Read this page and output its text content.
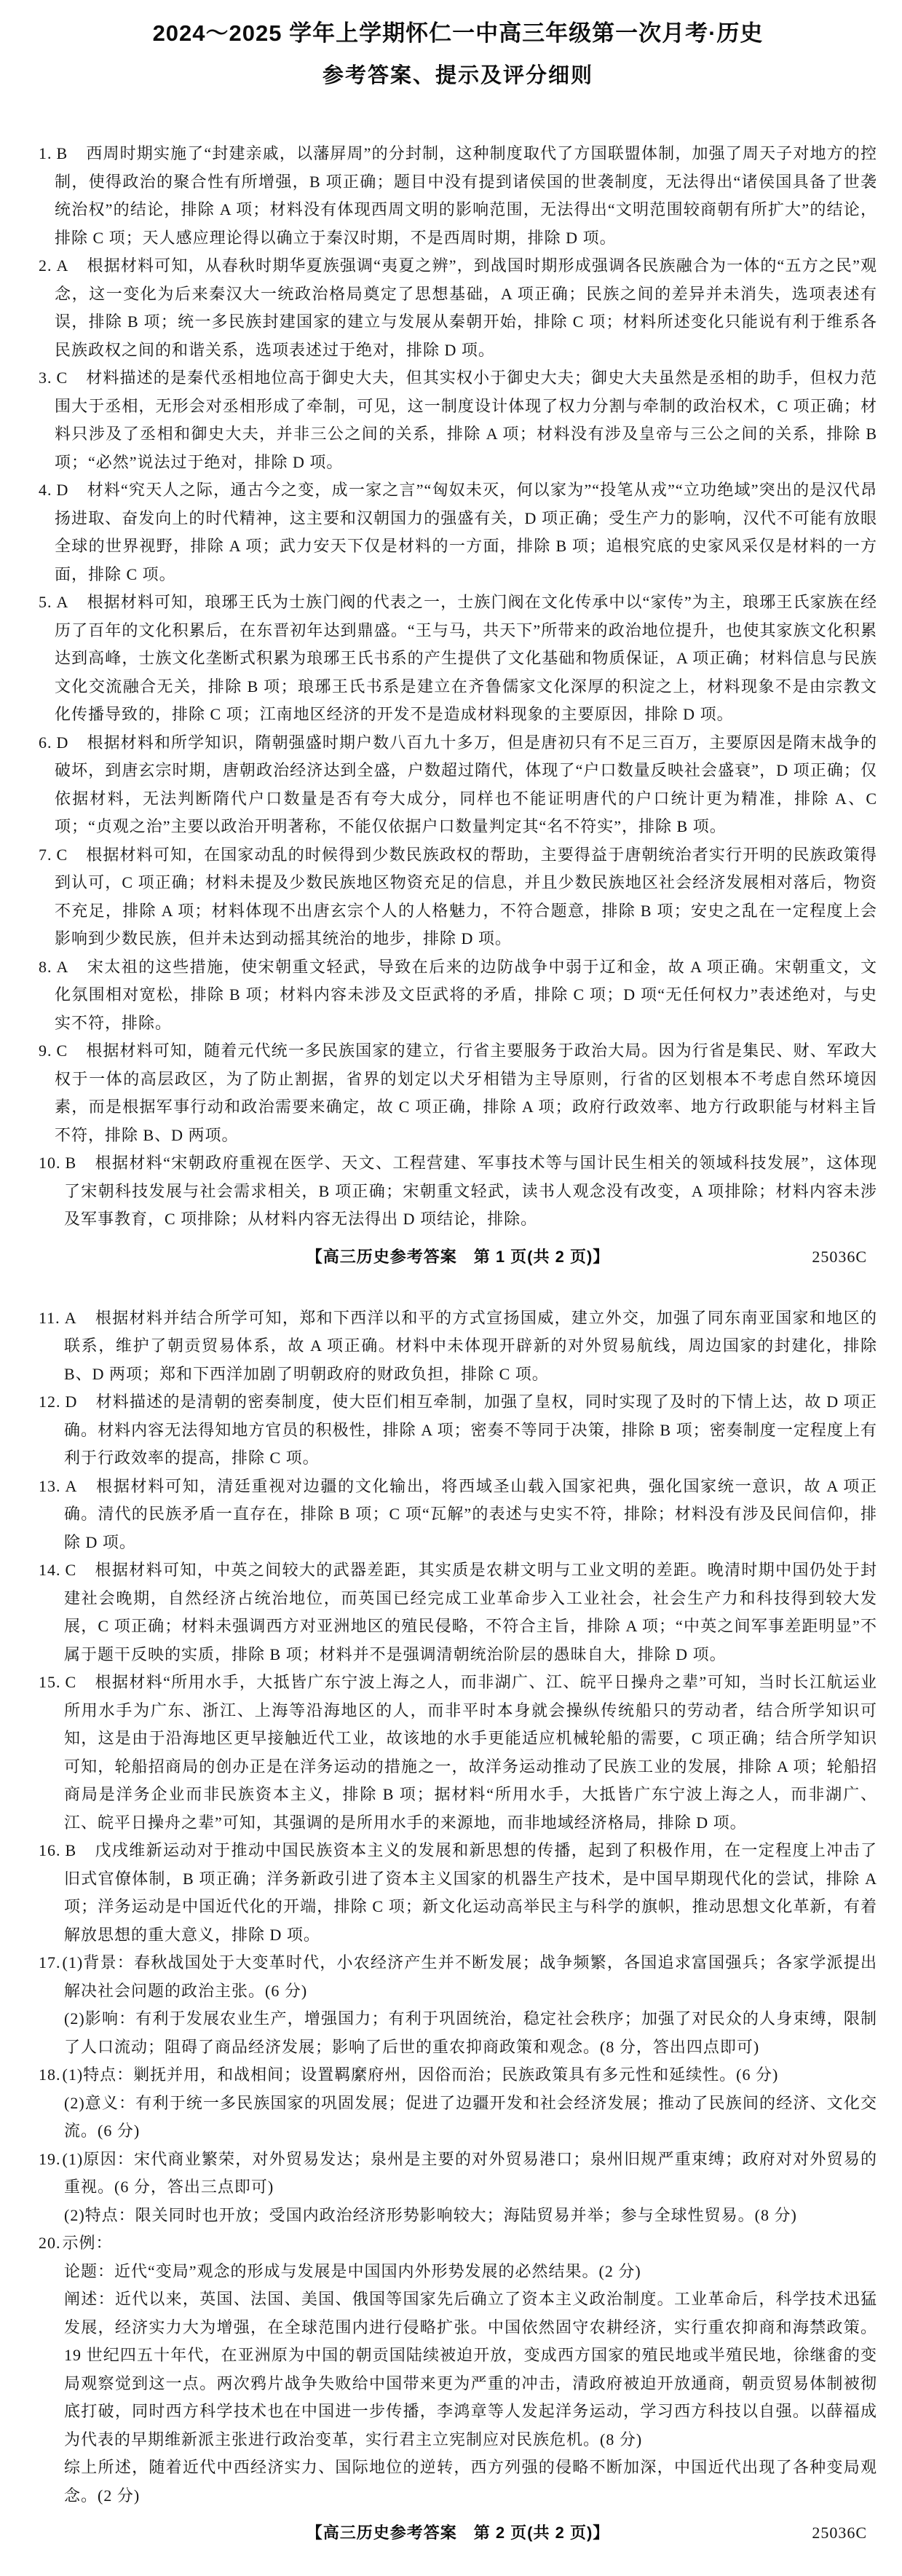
2024～2025 学年上学期怀仁一中高三年级第一次月考·历史
参考答案、提示及评分细则

1. B 西周时期实施了“封建亲戚，以藩屏周”的分封制，这种制度取代了方国联盟体制，加强了周天子对地方的控制，使得政治的聚合性有所增强，B 项正确；题目中没有提到诸侯国的世袭制度，无法得出“诸侯国具备了世袭统治权”的结论，排除 A 项；材料没有体现西周文明的影响范围，无法得出“文明范围较商朝有所扩大”的结论，排除 C 项；天人感应理论得以确立于秦汉时期，不是西周时期，排除 D 项。

2. A 根据材料可知，从春秋时期华夏族强调“夷夏之辨”，到战国时期形成强调各民族融合为一体的“五方之民”观念，这一变化为后来秦汉大一统政治格局奠定了思想基础，A 项正确；民族之间的差异并未消失，选项表述有误，排除 B 项；统一多民族封建国家的建立与发展从秦朝开始，排除 C 项；材料所述变化只能说有利于维系各民族政权之间的和谐关系，选项表述过于绝对，排除 D 项。

3. C 材料描述的是秦代丞相地位高于御史大夫，但其实权小于御史大夫；御史大夫虽然是丞相的助手，但权力范围大于丞相，无形会对丞相形成了牵制，可见，这一制度设计体现了权力分割与牵制的政治权术，C 项正确；材料只涉及了丞相和御史大夫，并非三公之间的关系，排除 A 项；材料没有涉及皇帝与三公之间的关系，排除 B 项；“必然”说法过于绝对，排除 D 项。

4. D 材料“究天人之际，通古今之变，成一家之言”“匈奴未灭，何以家为”“投笔从戎”“立功绝域”突出的是汉代昂扬进取、奋发向上的时代精神，这主要和汉朝国力的强盛有关，D 项正确；受生产力的影响，汉代不可能有放眼全球的世界视野，排除 A 项；武力安天下仅是材料的一方面，排除 B 项；追根究底的史家风采仅是材料的一方面，排除 C 项。

5. A 根据材料可知，琅琊王氏为士族门阀的代表之一，士族门阀在文化传承中以“家传”为主，琅琊王氏家族在经历了百年的文化积累后，在东晋初年达到鼎盛。“王与马，共天下”所带来的政治地位提升，也使其家族文化积累达到高峰，士族文化垄断式积累为琅琊王氏书系的产生提供了文化基础和物质保证，A 项正确；材料信息与民族文化交流融合无关，排除 B 项；琅琊王氏书系是建立在齐鲁儒家文化深厚的积淀之上，材料现象不是由宗教文化传播导致的，排除 C 项；江南地区经济的开发不是造成材料现象的主要原因，排除 D 项。

6. D 根据材料和所学知识，隋朝强盛时期户数八百九十多万，但是唐初只有不足三百万，主要原因是隋末战争的破坏，到唐玄宗时期，唐朝政治经济达到全盛，户数超过隋代，体现了“户口数量反映社会盛衰”，D 项正确；仅依据材料，无法判断隋代户口数量是否有夸大成分，同样也不能证明唐代的户口统计更为精准，排除 A、C 项；“贞观之治”主要以政治开明著称，不能仅依据户口数量判定其“名不符实”，排除 B 项。

7. C 根据材料可知，在国家动乱的时候得到少数民族政权的帮助，主要得益于唐朝统治者实行开明的民族政策得到认可，C 项正确；材料未提及少数民族地区物资充足的信息，并且少数民族地区社会经济发展相对落后，物资不充足，排除 A 项；材料体现不出唐玄宗个人的人格魅力，不符合题意，排除 B 项；安史之乱在一定程度上会影响到少数民族，但并未达到动摇其统治的地步，排除 D 项。

8. A 宋太祖的这些措施，使宋朝重文轻武，导致在后来的边防战争中弱于辽和金，故 A 项正确。宋朝重文，文化氛围相对宽松，排除 B 项；材料内容未涉及文臣武将的矛盾，排除 C 项；D 项“无任何权力”表述绝对，与史实不符，排除。

9. C 根据材料可知，随着元代统一多民族国家的建立，行省主要服务于政治大局。因为行省是集民、财、军政大权于一体的高层政区，为了防止割据，省界的划定以犬牙相错为主导原则，行省的区划根本不考虑自然环境因素，而是根据军事行动和政治需要来确定，故 C 项正确，排除 A 项；政府行政效率、地方行政职能与材料主旨不符，排除 B、D 两项。

10. B 根据材料“宋朝政府重视在医学、天文、工程营建、军事技术等与国计民生相关的领域科技发展”，这体现了宋朝科技发展与社会需求相关，B 项正确；宋朝重文轻武，读书人观念没有改变，A 项排除；材料内容未涉及军事教育，C 项排除；从材料内容无法得出 D 项结论，排除。

【高三历史参考答案　第 1 页(共 2 页)】	25036C

11. A 根据材料并结合所学可知，郑和下西洋以和平的方式宣扬国威，建立外交，加强了同东南亚国家和地区的联系，维护了朝贡贸易体系，故 A 项正确。材料中未体现开辟新的对外贸易航线，周边国家的封建化，排除 B、D 两项；郑和下西洋加剧了明朝政府的财政负担，排除 C 项。

12. D 材料描述的是清朝的密奏制度，使大臣们相互牵制，加强了皇权，同时实现了及时的下情上达，故 D 项正确。材料内容无法得知地方官员的积极性，排除 A 项；密奏不等同于决策，排除 B 项；密奏制度一定程度上有利于行政效率的提高，排除 C 项。

13. A 根据材料可知，清廷重视对边疆的文化输出，将西域圣山载入国家祀典，强化国家统一意识，故 A 项正确。清代的民族矛盾一直存在，排除 B 项；C 项“瓦解”的表述与史实不符，排除；材料没有涉及民间信仰，排除 D 项。

14. C 根据材料可知，中英之间较大的武器差距，其实质是农耕文明与工业文明的差距。晚清时期中国仍处于封建社会晚期，自然经济占统治地位，而英国已经完成工业革命步入工业社会，社会生产力和科技得到较大发展，C 项正确；材料未强调西方对亚洲地区的殖民侵略，不符合主旨，排除 A 项；“中英之间军事差距明显”不属于题干反映的实质，排除 B 项；材料并不是强调清朝统治阶层的愚昧自大，排除 D 项。

15. C 根据材料“所用水手，大抵皆广东宁波上海之人，而非湖广、江、皖平日操舟之辈”可知，当时长江航运业所用水手为广东、浙江、上海等沿海地区的人，而非平时本身就会操纵传统船只的劳动者，结合所学知识可知，这是由于沿海地区更早接触近代工业，故该地的水手更能适应机械轮船的需要，C 项正确；结合所学知识可知，轮船招商局的创办正是在洋务运动的措施之一，故洋务运动推动了民族工业的发展，排除 A 项；轮船招商局是洋务企业而非民族资本主义，排除 B 项；据材料“所用水手，大抵皆广东宁波上海之人，而非湖广、江、皖平日操舟之辈”可知，其强调的是所用水手的来源地，而非地域经济格局，排除 D 项。

16. B 戊戌维新运动对于推动中国民族资本主义的发展和新思想的传播，起到了积极作用，在一定程度上冲击了旧式官僚体制，B 项正确；洋务新政引进了资本主义国家的机器生产技术，是中国早期现代化的尝试，排除 A 项；洋务运动是中国近代化的开端，排除 C 项；新文化运动高举民主与科学的旗帜，推动思想文化革新，有着解放思想的重大意义，排除 D 项。

17.(1)背景：春秋战国处于大变革时代，小农经济产生并不断发展；战争频繁，各国追求富国强兵；各家学派提出解决社会问题的政治主张。(6 分)

(2)影响：有利于发展农业生产，增强国力；有利于巩固统治，稳定社会秩序；加强了对民众的人身束缚，限制了人口流动；阻碍了商品经济发展；影响了后世的重农抑商政策和观念。(8 分，答出四点即可)

18.(1)特点：剿抚并用，和战相间；设置羁縻府州，因俗而治；民族政策具有多元性和延续性。(6 分)

(2)意义：有利于统一多民族国家的巩固发展；促进了边疆开发和社会经济发展；推动了民族间的经济、文化交流。(6 分)

19.(1)原因：宋代商业繁荣，对外贸易发达；泉州是主要的对外贸易港口；泉州旧规严重束缚；政府对对外贸易的重视。(6 分，答出三点即可)

(2)特点：限关同时也开放；受国内政治经济形势影响较大；海陆贸易并举；参与全球性贸易。(8 分)

20.示例：

论题：近代“变局”观念的形成与发展是中国国内外形势发展的必然结果。(2 分)

阐述：近代以来，英国、法国、美国、俄国等国家先后确立了资本主义政治制度。工业革命后，科学技术迅猛发展，经济实力大为增强，在全球范围内进行侵略扩张。中国依然固守农耕经济，实行重农抑商和海禁政策。19 世纪四五十年代，在亚洲原为中国的朝贡国陆续被迫开放，变成西方国家的殖民地或半殖民地，徐继畬的变局观察觉到这一点。两次鸦片战争失败给中国带来更为严重的冲击，清政府被迫开放通商，朝贡贸易体制被彻底打破，同时西方科学技术也在中国进一步传播，李鸿章等人发起洋务运动，学习西方科技以自强。以薛福成为代表的早期维新派主张进行政治变革，实行君主立宪制应对民族危机。(8 分)

综上所述，随着近代中西经济实力、国际地位的逆转，西方列强的侵略不断加深，中国近代出现了各种变局观念。(2 分)

【高三历史参考答案　第 2 页(共 2 页)】	25036C
